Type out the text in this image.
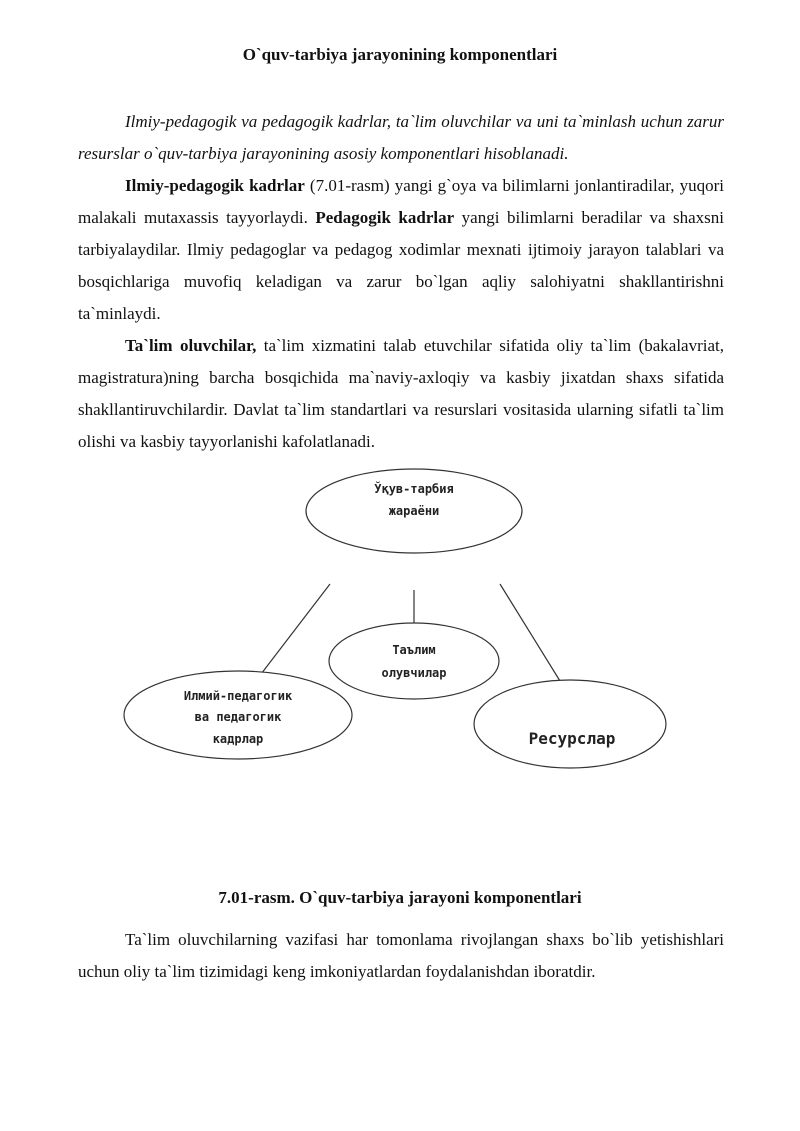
O`quv-tarbiya jarayonining komponentlari

Ilmiy-pedagogik va pedagogik kadrlar, ta`lim oluvchilar va uni ta`minlash uchun zarur resurslar o`quv-tarbiya jarayonining asosiy komponentlari hisoblanadi.

Ilmiy-pedagogik kadrlar (7.01-rasm) yangi g`oya va bilimlarni jonlantiradilar, yuqori malakali mutaxassis tayyorlaydi. Pedagogik kadrlar yangi bilimlarni beradilar va shaxsni tarbiyalaydilar. Ilmiy pedagoglar va pedagog xodimlar mexnati ijtimoiy jarayon talablari va bosqichlariga muvofiq keladigan va zarur bo`lgan aqliy salohiyatni shakllantirishni ta`minlaydi.

Ta`lim oluvchilar, ta`lim xizmatini talab etuvchilar sifatida oliy ta`lim (bakalavriat, magistratura)ning barcha bosqichida ma`naviy-axloqiy va kasbiy jixatdan shaxs sifatida shakllantiruvchilardir. Davlat ta`lim standartlari va resurslari vositasida ularning sifatli ta`lim olishi va kasbiy tayyorlanishi kafolatlanadi.

Ўқув-тарбия
жараёни
Таълим
олувчилар
Илмий-педагогик
ва педагогик
кадрлар	Ресурслар
7.01-rasm. O`quv-tarbiya jarayoni komponentlari

Ta`lim oluvchilarning vazifasi har tomonlama rivojlangan shaxs bo`lib yetishishlari uchun oliy ta`lim tizimidagi keng imkoniyatlardan foydalanishdan iboratdir.
